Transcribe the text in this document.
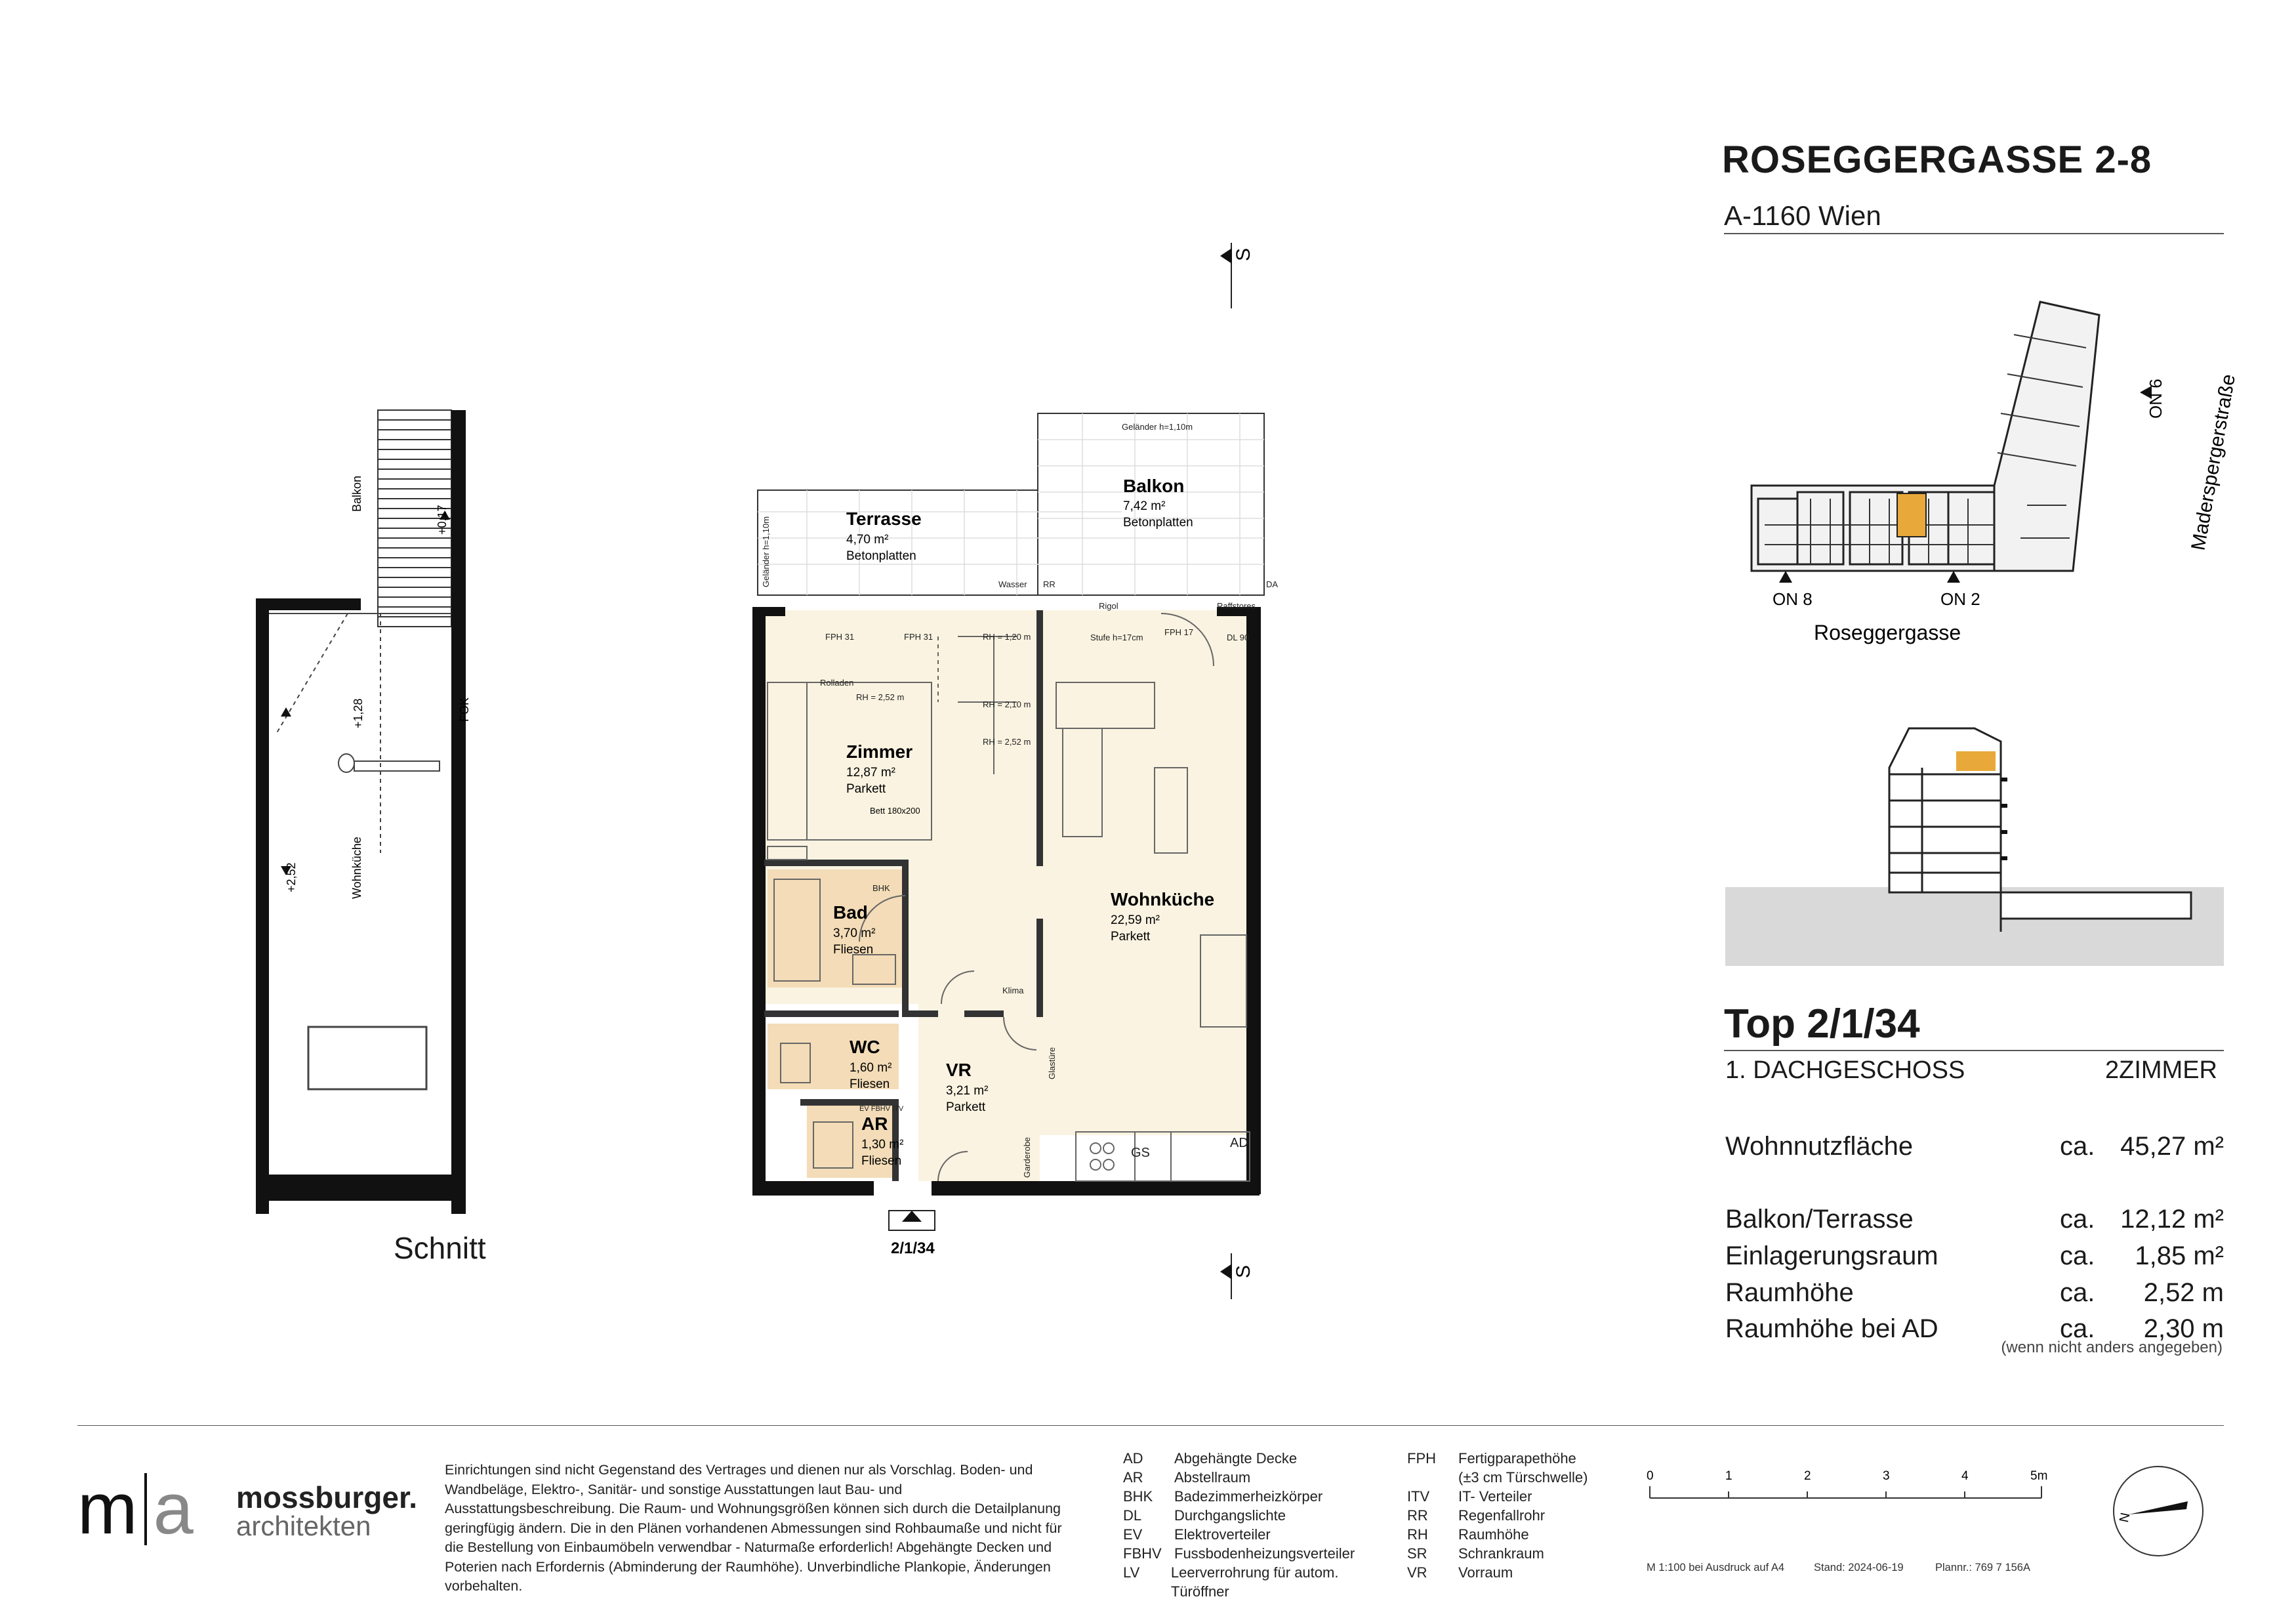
ROSEGGERGASSE 2-8
A-1160 Wien
ON 8	ON 2
ON 6
Roseggergasse
Maderspergerstraße
Top 2/1/34
1. DACHGESCHOSS	2ZIMMER
Wohnnutzfläche	ca. 45,27 m²
Balkon/Terrasse	ca. 12,12 m²
Einlagerungsraum	ca. 1,85 m²
Raumhöhe	ca. 2,52 m
Raumhöhe bei AD	ca. 2,30 m
(wenn nicht anders angegeben)
Balkon
+0,17
+1,28	FOK
Wohnküche
+2,52
Schnitt
S
S
2/1/34
Terrasse
4,70 m²
Betonplatten
Balkon
7,42 m²
Betonplatten
Zimmer
12,87 m²
Parkett
Bett 180x200
Bad
3,70 m²
Fliesen
WC
1,60 m²
Fliesen
AR
1,30 m²
Fliesen
VR
3,21 m²
Parkett
Wohnküche
22,59 m²
Parkett
Geländer h=1,10m
Geländer h=1,10m
FPH 31	FPH 31
Rolladen
RH = 2,52 m
RH = 1,20 m
RH = 2,10 m
RH = 2,52 m
Wasser RR
Rigol	Raffstores
DA
Stufe h=17cm
FPH 17
DL 90
BHK
Klima
AD
GS
Garderobe
Glastüre
EV FBHV ITV
m a mossburger.
architekten
Einrichtungen sind nicht Gegenstand des Vertrages und dienen nur als Vorschlag. Boden- und Wandbeläge, Elektro-, Sanitär- und sonstige Ausstattungen laut Bau- und Ausstattungsbeschreibung. Die Raum- und Wohnungsgrößen können sich durch die Detailplanung geringfügig ändern. Die in den Plänen vorhandenen Abmessungen sind Rohbaumaße und nicht für die Bestellung von Einbaumöbeln verwendbar - Naturmaße erforderlich! Abgehängte Decken und Poterien nach Erfordernis (Abminderung der Raumhöhe). Unverbindliche Plankopie, Änderungen vorbehalten.
AD	Abgehängte Decke
AR	Abstellraum
BHK	Badezimmerheizkörper
DL	Durchgangslichte
EV	Elektroverteiler
FBHV Fussbodenheizungsverteiler
LV	Leerverrohrung für autom. Türöffner
FPH	Fertigparapethöhe
(±3 cm Türschwelle)
ITV	IT- Verteiler
RR	Regenfallrohr
RH	Raumhöhe
SR	Schrankraum
VR	Vorraum
0	1	2	3	4	5m
M 1:100 bei Ausdruck auf A4	Stand: 2024-06-19	Plannr.: 769 7 156A
N
